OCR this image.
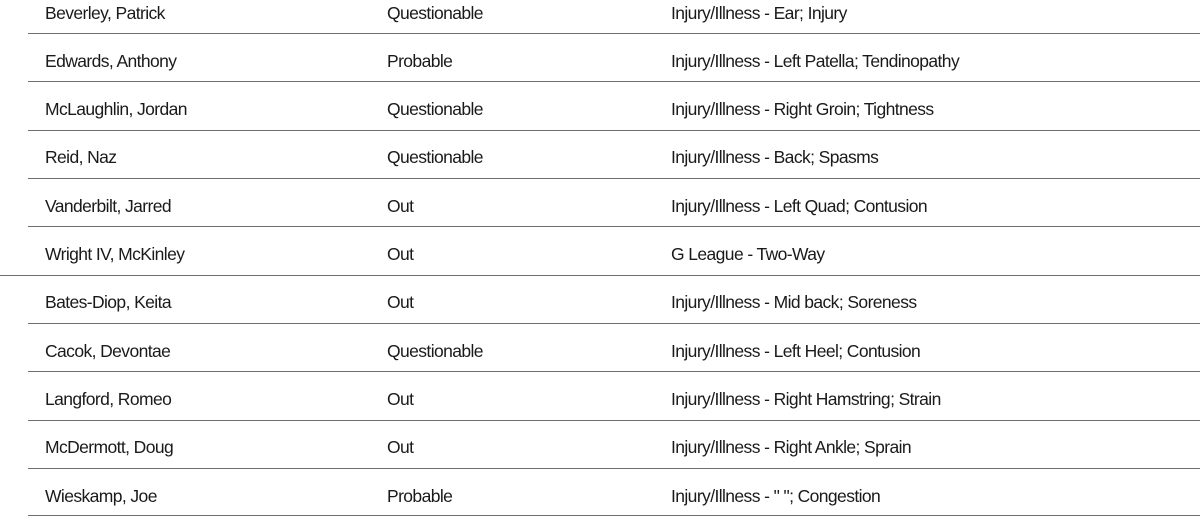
Beverley, Patrick	Questionable	Injury/Illness - Ear; Injury
Edwards, Anthony	Probable	Injury/Illness - Left Patella; Tendinopathy
McLaughlin, Jordan	Questionable	Injury/Illness - Right Groin; Tightness
Reid, Naz	Questionable	Injury/Illness - Back; Spasms
Vanderbilt, Jarred	Out	Injury/Illness - Left Quad; Contusion
Wright IV, McKinley	Out	G League - Two-Way
Bates-Diop, Keita	Out	Injury/Illness - Mid back; Soreness
Cacok, Devontae	Questionable	Injury/Illness - Left Heel; Contusion
Langford, Romeo	Out	Injury/Illness - Right Hamstring; Strain
McDermott, Doug	Out	Injury/Illness - Right Ankle; Sprain
Wieskamp, Joe	Probable	Injury/Illness - " "; Congestion
